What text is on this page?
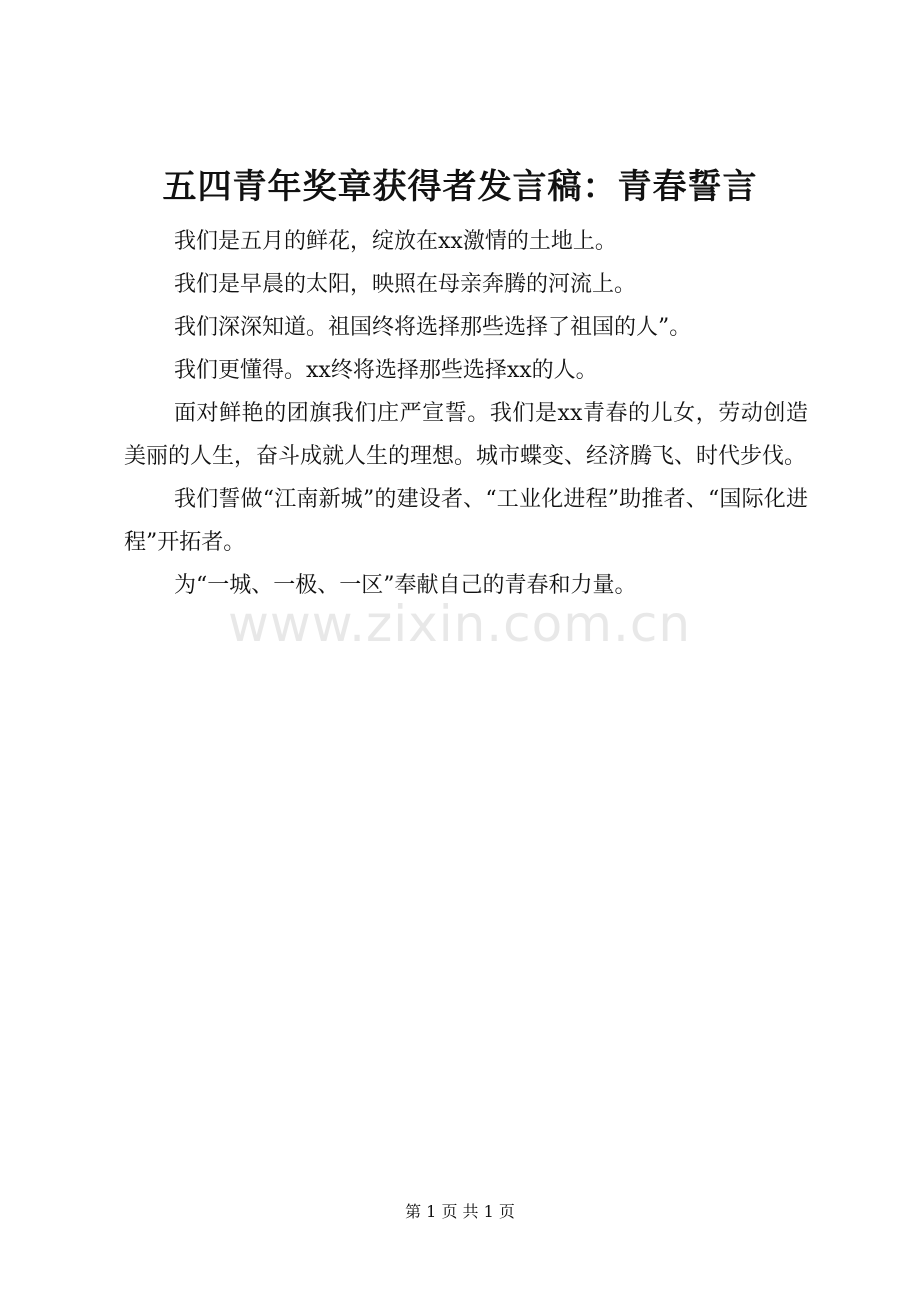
五四青年奖章获得者发言稿：青春誓言

我们是五月的鲜花，绽放在xx激情的土地上。

我们是早晨的太阳，映照在母亲奔腾的河流上。

我们深深知道。祖国终将选择那些选择了祖国的人”。

我们更懂得。xx终将选择那些选择xx的人。

面对鲜艳的团旗我们庄严宣誓。我们是xx青春的儿女，劳动创造美丽的人生，奋斗成就人生的理想。城市蝶变、经济腾飞、时代步伐。

我们誓做“江南新城”的建设者、“工业化进程”助推者、“国际化进程”开拓者。

为“一城、一极、一区”奉献自己的青春和力量。

www.zixin.com.cn
第 1 页 共 1 页
